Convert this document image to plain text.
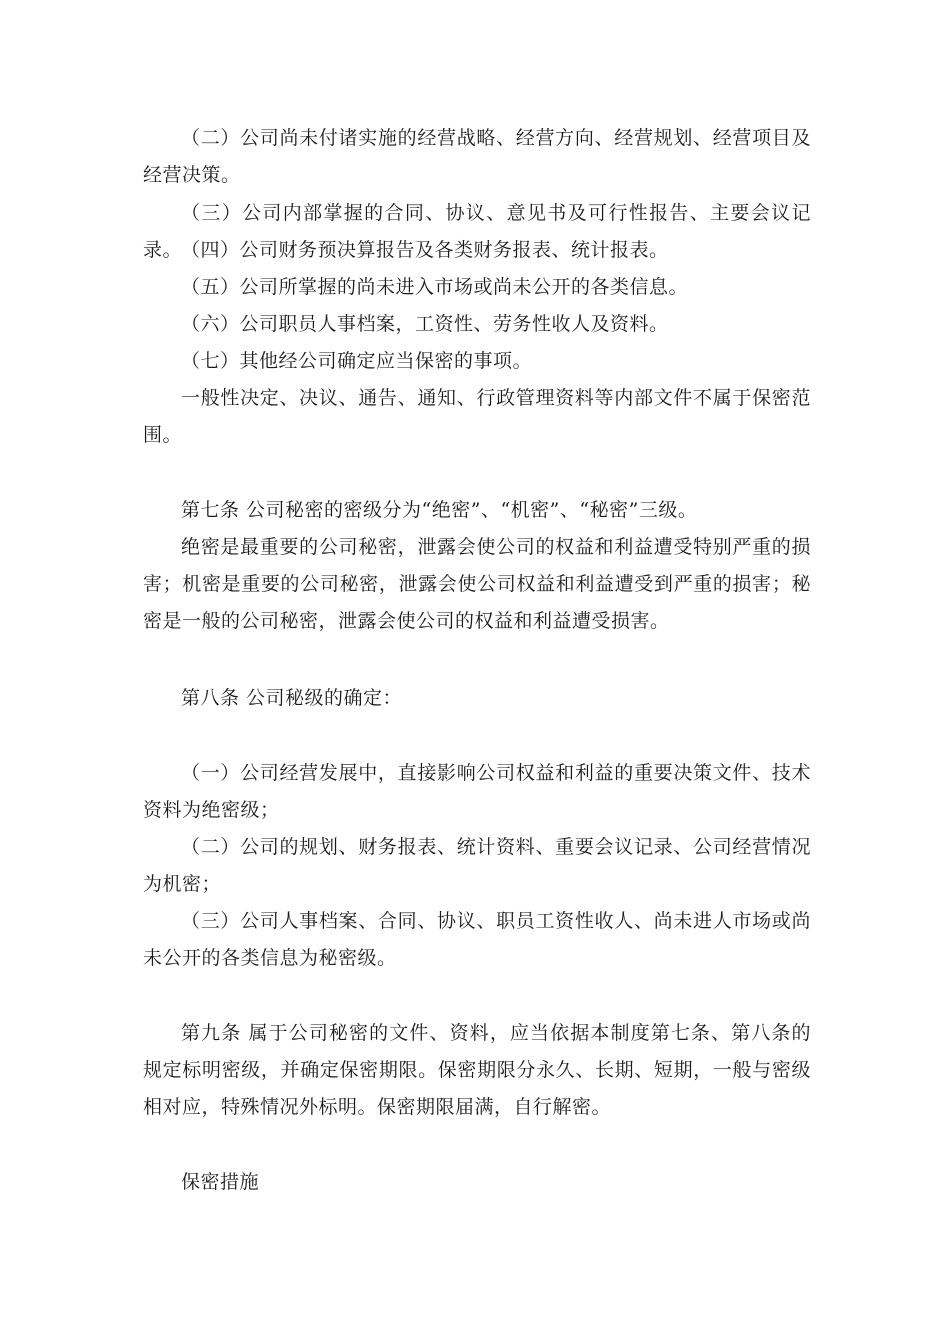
（二）公司尚未付诸实施的经营战略、经营方向、经营规划、经营项目及经营决策。

（三）公司内部掌握的合同、协议、意见书及可行性报告、主要会议记录。

（四）公司财务预决算报告及各类财务报表、统计报表。

（五）公司所掌握的尚未进入市场或尚未公开的各类信息。

（六）公司职员人事档案，工资性、劳务性收人及资料。

（七）其他经公司确定应当保密的事项。

一般性决定、决议、通告、通知、行政管理资料等内部文件不属于保密范围。

第七条 公司秘密的密级分为“绝密”、“机密”、“秘密”三级。

绝密是最重要的公司秘密，泄露会使公司的权益和利益遭受特别严重的损害；机密是重要的公司秘密，泄露会使公司权益和利益遭受到严重的损害；秘密是一般的公司秘密，泄露会使公司的权益和利益遭受损害。

第八条 公司秘级的确定：

（一）公司经营发展中，直接影响公司权益和利益的重要决策文件、技术资料为绝密级；

（二）公司的规划、财务报表、统计资料、重要会议记录、公司经营情况为机密；

（三）公司人事档案、合同、协议、职员工资性收人、尚未进人市场或尚未公开的各类信息为秘密级。

第九条 属于公司秘密的文件、资料，应当依据本制度第七条、第八条的规定标明密级，并确定保密期限。保密期限分永久、长期、短期，一般与密级相对应，特殊情况外标明。保密期限届满，自行解密。

保密措施
